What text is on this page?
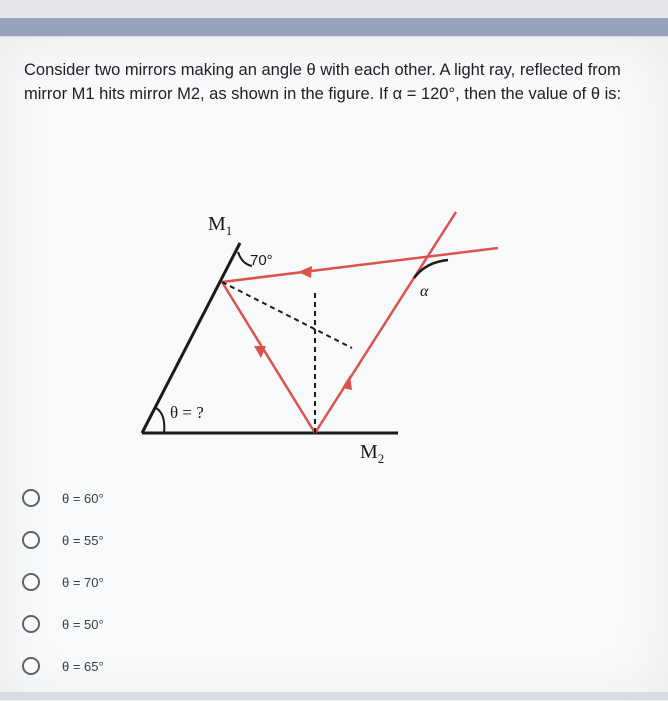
Consider two mirrors making an angle θ with each other. A light ray, reflected from mirror M1 hits mirror M2, as shown in the figure. If α = 120°, then the value of θ is:

$M_1$
$M_2$
70°
α
θ = ?
θ = 60°
θ = 55°
θ = 70°
θ = 50°
θ = 65°
